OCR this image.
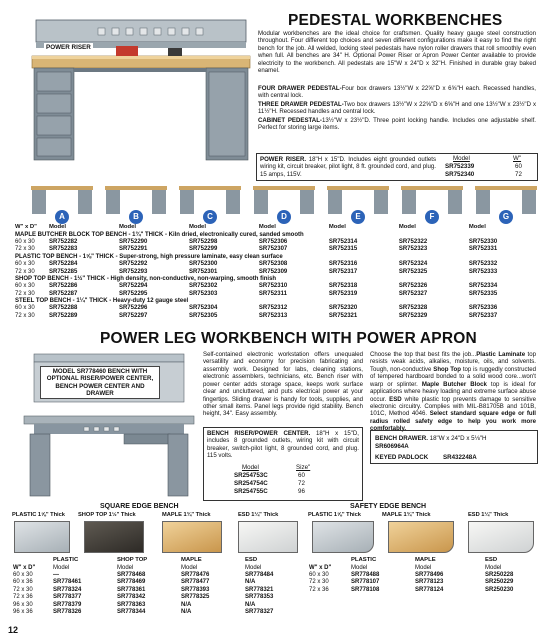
POWER RISER
PEDESTAL WORKBENCHES
Modular workbenches are the ideal choice for craftsmen. Quality heavy gauge steel construction throughout. Four different top choices and seven different configurations make it easy to find the right bench for the job. All welded, locking steel pedestals have nylon roller drawers that roll smoothly even when full. All benches are 34" H. Optional Power Riser or Apron Power Center available to provide electricity to the workbench. All pedestals are 15"W x 24"D x 32"H. Finished in durable gray baked enamel.
FOUR DRAWER PEDESTAL-Four box drawers 13½"W x 22⅝"D x 6⅝"H each. Recessed handles, with central lock.
THREE DRAWER PEDESTAL-Two box drawers 13½"W x 22⅝"D x 6⅝"H and one 13½"W x 23½"D x 11½"H. Recessed handles and central lock.
CABINET PEDESTAL-13½"W x 23½"D. Three point locking handle. Includes one adjustable shelf. Perfect for storing large items.
POWER RISER. 18"H x 15"D. Includes eight grounded outlets wiring kit, circuit breaker, pilot light, 8 ft. grounded cord, and plug. 15 amps, 115V.
Model	W"
SR752339	60
SR752340	72
A	B	C	D	E	F	G
W" x D"	Model	Model	Model	Model	Model	Model	Model
MAPLE BUTCHER BLOCK TOP BENCH - 1¾" THICK - Kiln dried, electronically cured, sanded smooth							
60 x 30	SR752282	SR752290	SR752298	SR752306	SR752314	SR752322	SR752330
72 x 30	SR752283	SR752291	SR752299	SR752307	SR752315	SR752323	SR752331
PLASTIC TOP BENCH - 1⅝" THICK - Super-strong, high pressure laminate, easy clean surface							
60 x 30	SR752284	SR752292	SR752300	SR752308	SR752316	SR752324	SR752332
72 x 30	SR752285	SR752293	SR752301	SR752309	SR752317	SR752325	SR752333
SHOP TOP BENCH - 1½" THICK - High density, non-conductive, non-warping, smooth finish							
60 x 30	SR752286	SR752294	SR752302	SR752310	SR752318	SR752326	SR752334
72 x 30	SR752287	SR752295	SR752303	SR752311	SR752319	SR752327	SR752335
STEEL TOP BENCH - 1¼" THICK - Heavy-duty 12 gauge steel							
60 x 30	SR752288	SR752296	SR752304	SR752312	SR752320	SR752328	SR752336
72 x 30	SR752289	SR752297	SR752305	SR752313	SR752321	SR752329	SR752337
POWER LEG WORKBENCH WITH POWER APRON
MODEL SR778460 BENCH WITH OPTIONAL RISER/POWER CENTER, BENCH POWER CENTER AND DRAWER
Self-contained electronic workstation offers unequaled versatility and economy for precision fabricating and assembly work. Designed for labs, cleaning stations, electronic assemblers, technicians, etc. Bench riser with power center adds storage space, keeps work surface clear and uncluttered, and puts electrical power at your fingertips. Sliding drawer is handy for tools, supplies, and other small items. Panel legs provide rigid stability. Bench height, 34". Easy assembly.
BENCH RISER/POWER CENTER. 18"H x 15"D, includes 8 grounded outlets, wiring kit with circuit breaker, switch-pilot light, 8 grounded cord, and plug. 115 volts.
Model	Size"
SR254753C	60
SR254754C	72
SR254755C	96
Choose the top that best fits the job...Plastic Laminate top resists weak acids, alkalies, moisture, oils, and solvents. Tough, non-conductive Shop Top top is ruggedly constructed of tempered hardboard bonded to a solid wood core...won't warp or splinter. Maple Butcher Block top is ideal for applications where heavy loading and extreme surface abuse occur. ESD white plastic top prevents damage to sensitive electronic circuitry. Complies with MIL-B81705B and 101B, 101C, Method 4046. Select standard square edge or full radius rolled safety edge to help you work more comfortably.
BENCH DRAWER. 18"W x 24"D x 5⅛"H
SR606964A
KEYED PADLOCK SR432248A
SQUARE EDGE BENCH	SAFETY EDGE BENCH
PLASTIC 1⅝" Thick SHOP TOP 1½" Thick	MAPLE 1¾" Thick	ESD 1¼" Thick	PLASTIC 1⅝" Thick	MAPLE 1¾" Thick	ESD 1¼" Thick
	PLASTIC	SHOP TOP	MAPLE	ESD
W" x D"	Model	Model	Model	Model
60 x 30	—	SR778468	SR778476	SR778484
60 x 36	SR778461	SR778469	SR778477	N/A
72 x 30	SR778324	SR778361	SR778393	SR778321
72 x 36	SR778377	SR778342	SR778325	SR778353
96 x 30	SR778379	SR778363	N/A	N/A
96 x 36	SR778326	SR778344	N/A	SR778327
	PLASTIC	MAPLE	ESD
W" x D"	Model	Model	Model
60 x 30	SR778488	SR778496	SR250228
72 x 30	SR778107	SR778123	SR250229
72 x 36	SR778108	SR778124	SR250230
12
